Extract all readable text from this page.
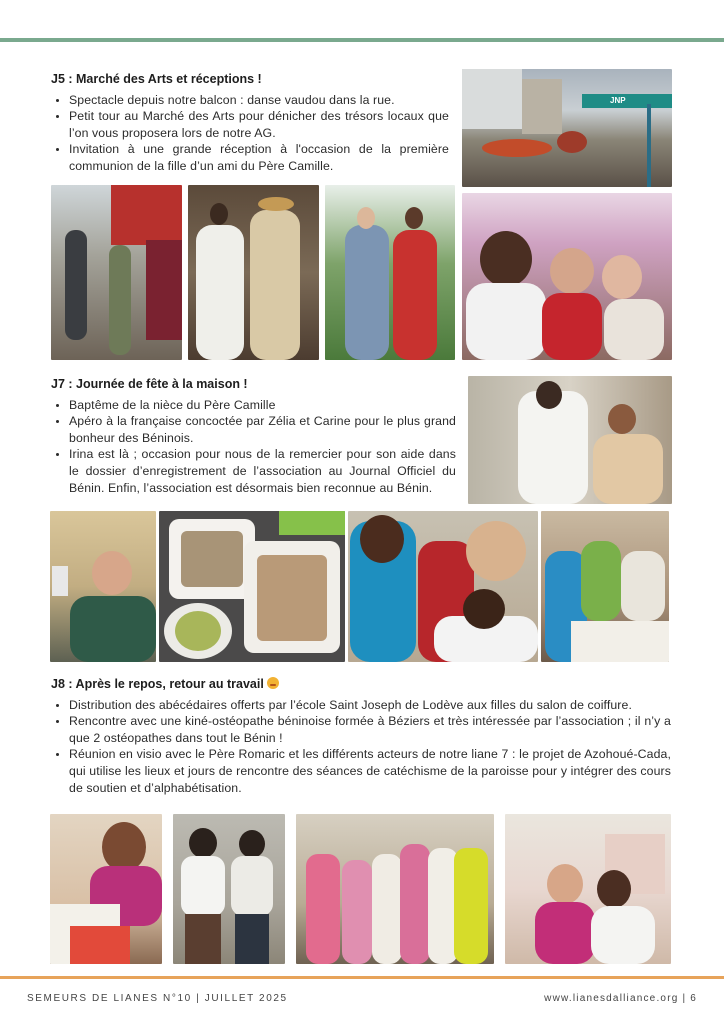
J5 : Marché des Arts et réceptions !
• Spectacle depuis notre balcon : danse vaudou dans la rue.
• Petit tour au Marché des Arts pour dénicher des trésors locaux que l’on vous proposera lors de notre AG.
• Invitation à une grande réception à l'occasion de la première communion de la fille d’un ami du Père Camille.
JNP
J7 : Journée de fête à la maison !
• Baptême de la nièce du Père Camille
• Apéro à la française concoctée par Zélia et Carine pour le plus grand bonheur des Béninois.
• Irina est là ; occasion pour nous de la remercier pour son aide dans le dossier d’enregistrement de l’association au Journal Officiel du Bénin. Enfin, l’association est désormais bien reconnue au Bénin.
J8 : Après le repos, retour au travail
• Distribution des abécédaires offerts par l’école Saint Joseph de Lodève aux filles du salon de coiffure.
• Rencontre avec une kiné-ostéopathe béninoise formée à Béziers et très intéressée par l’association ; il n’y a que 2 ostéopathes dans tout le Bénin !
• Réunion en visio avec le Père Romaric et les différents acteurs de notre liane 7 : le projet de Azohoué-Cada, qui utilise les lieux et jours de rencontre des séances de catéchisme de la paroisse pour y intégrer des cours de soutien et d’alphabétisation.
SEMEURS DE LIANES N°10 | JUILLET 2025	www.lianesdalliance.org | 6
